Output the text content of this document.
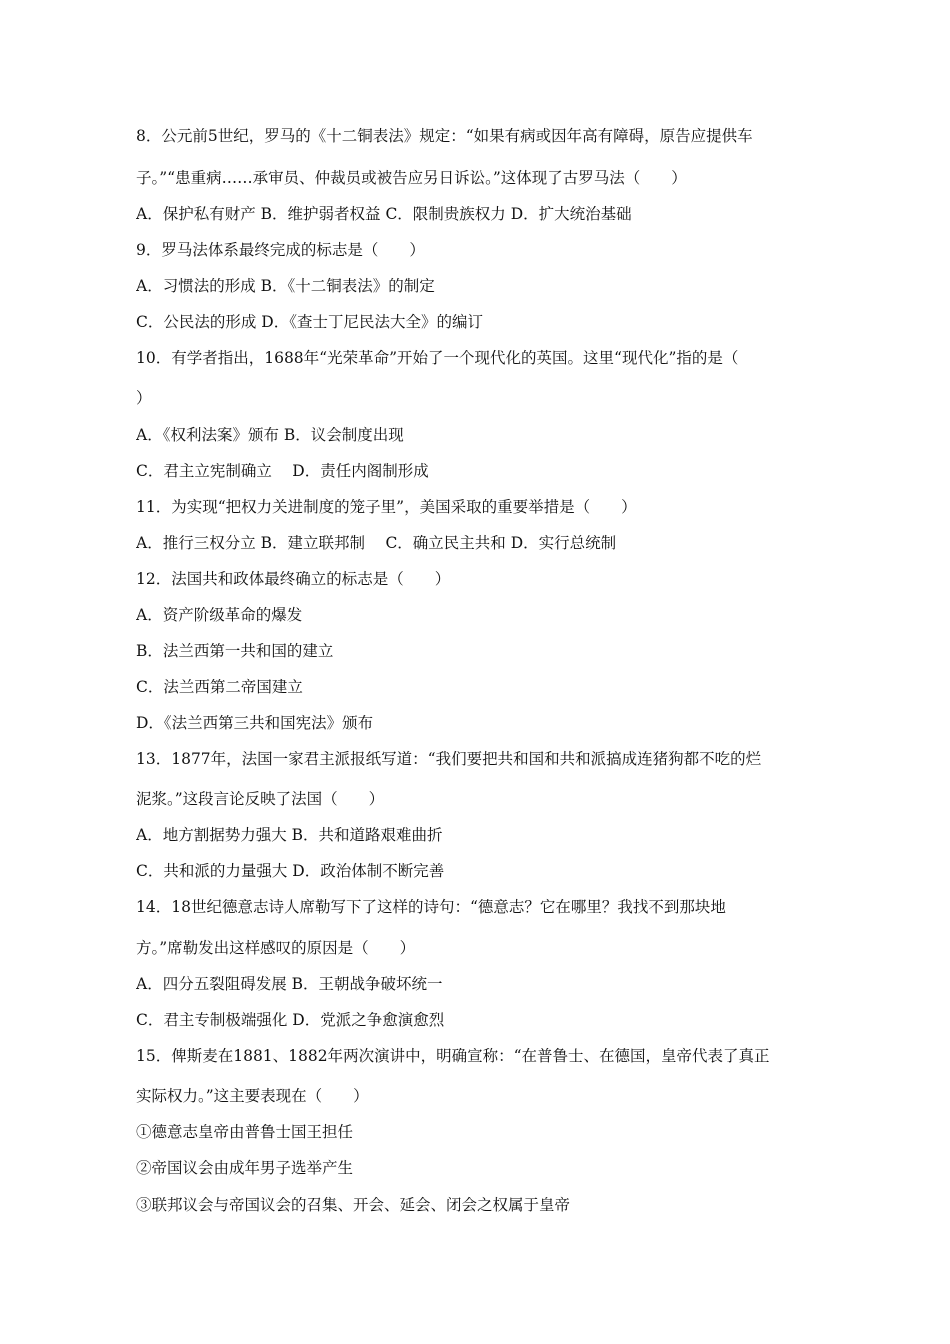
8．公元前5世纪，罗马的《十二铜表法》规定：“如果有病或因年高有障碍，原告应提供车
子。”“患重病……承审员、仲裁员或被告应另日诉讼。”这体现了古罗马法（　　）
A．保护私有财产 B．维护弱者权益 C．限制贵族权力 D．扩大统治基础
9．罗马法体系最终完成的标志是（　　）
A．习惯法的形成 B．《十二铜表法》的制定
C．公民法的形成 D．《查士丁尼民法大全》的编订
10．有学者指出，1688年“光荣革命”开始了一个现代化的英国。这里“现代化”指的是（
）
A．《权利法案》颁布 B．议会制度出现
C．君主立宪制确立　 D．责任内阁制形成
11．为实现“把权力关进制度的笼子里”，美国采取的重要举措是（　　）
A．推行三权分立 B．建立联邦制　 C．确立民主共和 D．实行总统制
12．法国共和政体最终确立的标志是（　　）
A．资产阶级革命的爆发
B．法兰西第一共和国的建立
C．法兰西第二帝国建立
D．《法兰西第三共和国宪法》颁布
13．1877年，法国一家君主派报纸写道：“我们要把共和国和共和派搞成连猪狗都不吃的烂
泥浆。”这段言论反映了法国（　　）
A．地方割据势力强大 B．共和道路艰难曲折
C．共和派的力量强大 D．政治体制不断完善
14．18世纪德意志诗人席勒写下了这样的诗句：“德意志？它在哪里？我找不到那块地
方。”席勒发出这样感叹的原因是（　　）
A．四分五裂阻碍发展 B．王朝战争破坏统一
C．君主专制极端强化 D．党派之争愈演愈烈
15．俾斯麦在1881、1882年两次演讲中，明确宣称：“在普鲁士、在德国，皇帝代表了真正
实际权力。”这主要表现在（　　）
①德意志皇帝由普鲁士国王担任
②帝国议会由成年男子选举产生
③联邦议会与帝国议会的召集、开会、延会、闭会之权属于皇帝
